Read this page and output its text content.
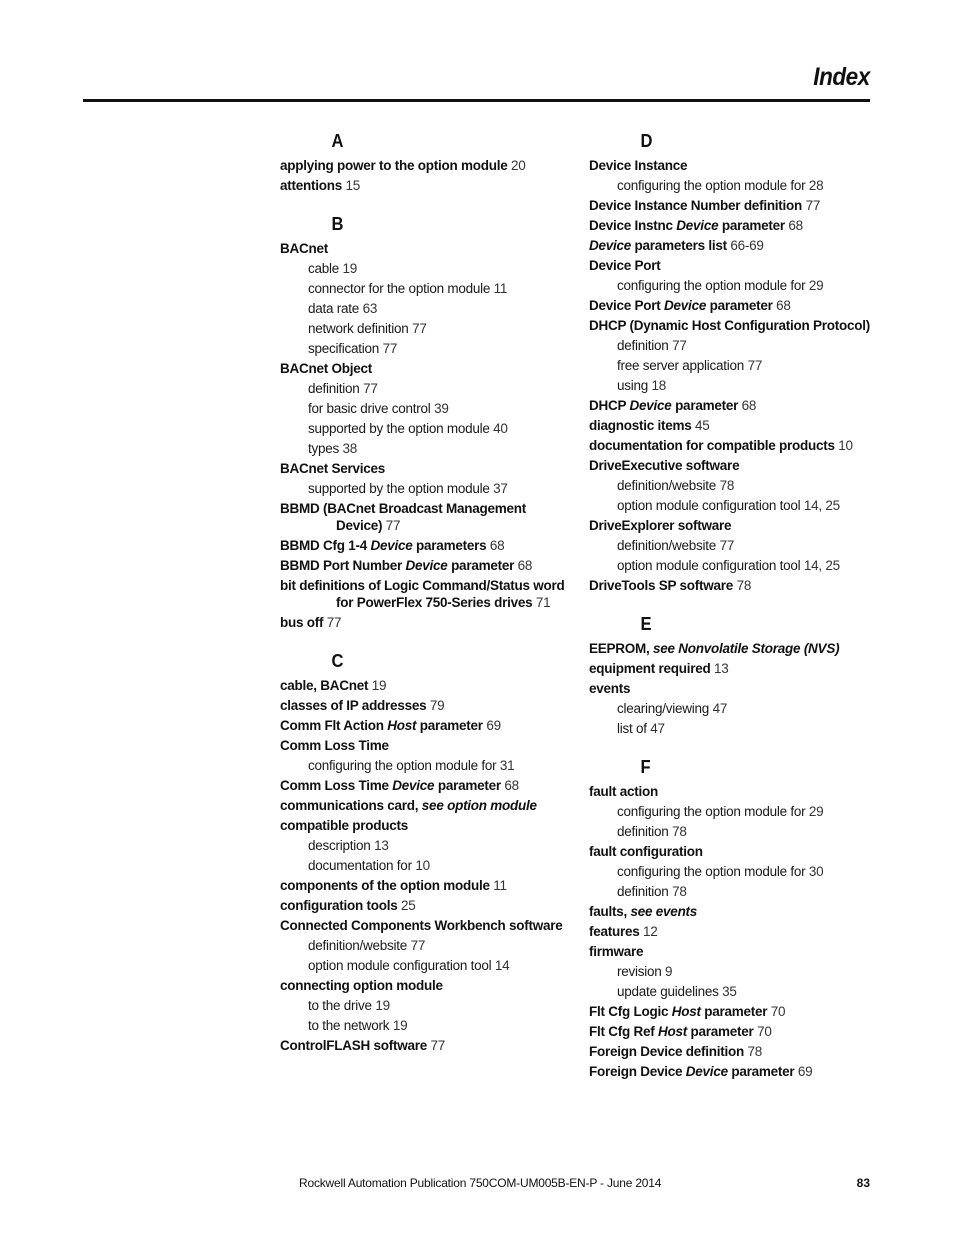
Index
A
applying power to the option module 20
attentions 15
B
BACnet
cable 19
connector for the option module 11
data rate 63
network definition 77
specification 77
BACnet Object
definition 77
for basic drive control 39
supported by the option module 40
types 38
BACnet Services
supported by the option module 37
BBMD (BACnet Broadcast Management Device) 77
BBMD Cfg 1-4 Device parameters 68
BBMD Port Number Device parameter 68
bit definitions of Logic Command/Status word for PowerFlex 750-Series drives 71
bus off 77
C
cable, BACnet 19
classes of IP addresses 79
Comm Flt Action Host parameter 69
Comm Loss Time
configuring the option module for 31
Comm Loss Time Device parameter 68
communications card, see option module
compatible products
description 13
documentation for 10
components of the option module 11
configuration tools 25
Connected Components Workbench software
definition/website 77
option module configuration tool 14
connecting option module
to the drive 19
to the network 19
ControlFLASH software 77
D
Device Instance
configuring the option module for 28
Device Instance Number definition 77
Device Instnc Device parameter 68
Device parameters list 66-69
Device Port
configuring the option module for 29
Device Port Device parameter 68
DHCP (Dynamic Host Configuration Protocol)
definition 77
free server application 77
using 18
DHCP Device parameter 68
diagnostic items 45
documentation for compatible products 10
DriveExecutive software
definition/website 78
option module configuration tool 14, 25
DriveExplorer software
definition/website 77
option module configuration tool 14, 25
DriveTools SP software 78
E
EEPROM, see Nonvolatile Storage (NVS)
equipment required 13
events
clearing/viewing 47
list of 47
F
fault action
configuring the option module for 29
definition 78
fault configuration
configuring the option module for 30
definition 78
faults, see events
features 12
firmware
revision 9
update guidelines 35
Flt Cfg Logic Host parameter 70
Flt Cfg Ref Host parameter 70
Foreign Device definition 78
Foreign Device Device parameter 69
Rockwell Automation Publication 750COM-UM005B-EN-P - June 2014	83
